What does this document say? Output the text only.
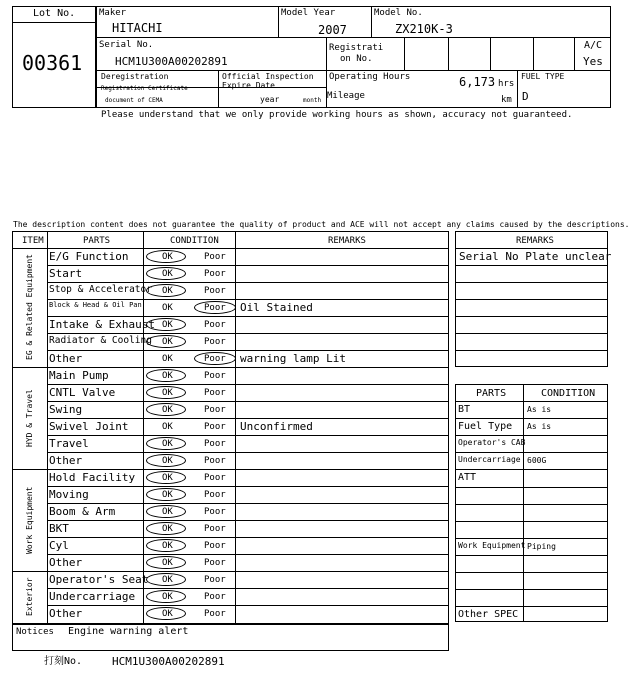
Lot No.
00361
Maker
HITACHI
Model Year
2007
Model No.
ZX210K-3
Serial No.
HCM1U300A00202891
Registrati
on No.
A/C
Yes
Deregistration
Registration Certificate
document of CEMA
Official Inspection
Expire Date
year	month
Operating Hours	6,173 hrs
Mileage	km
FUEL TYPE
D
Please understand that we only provide working hours as shown, accuracy not guaranteed.
The description content does not guarantee the quality of product and ACE will not accept any claims caused by the descriptions.
ITEM	PARTS	CONDITION	REMARKS
Notices Engine warning alert
REMARKS
PARTS	CONDITION
打刻No.	HCM1U300A00202891
E/G Function	OK	Poor
Start	OK	Poor
Stop & Accelerator OK	Poor
Block & Head & Oil Pan OK	Poor Oil Stained
Intake & Exhaust OK	Poor
Radiator & Cooling OK	Poor
Other	OK	Poor warning lamp Lit
EG & Related Equipment
Main Pump	OK	Poor
CNTL Valve	OK	Poor
Swing	OK	Poor
Swivel Joint	OK	Poor Unconfirmed
Travel	OK	Poor
Other	OK	Poor
HYD & Travel
Hold Facility	OK	Poor
Moving	OK	Poor
Boom & Arm	OK	Poor
BKT	OK	Poor
Cyl	OK	Poor
Other	OK	Poor
Work Equipment
Operator's Seat OK	Poor
Undercarriage	OK	Poor
Other	OK	Poor
Exterior
Serial No Plate unclear
BT	As is
Fuel Type As is
Operator's CAB
Undercarriage 600G
ATT
Work Equipment Piping
Other SPEC
